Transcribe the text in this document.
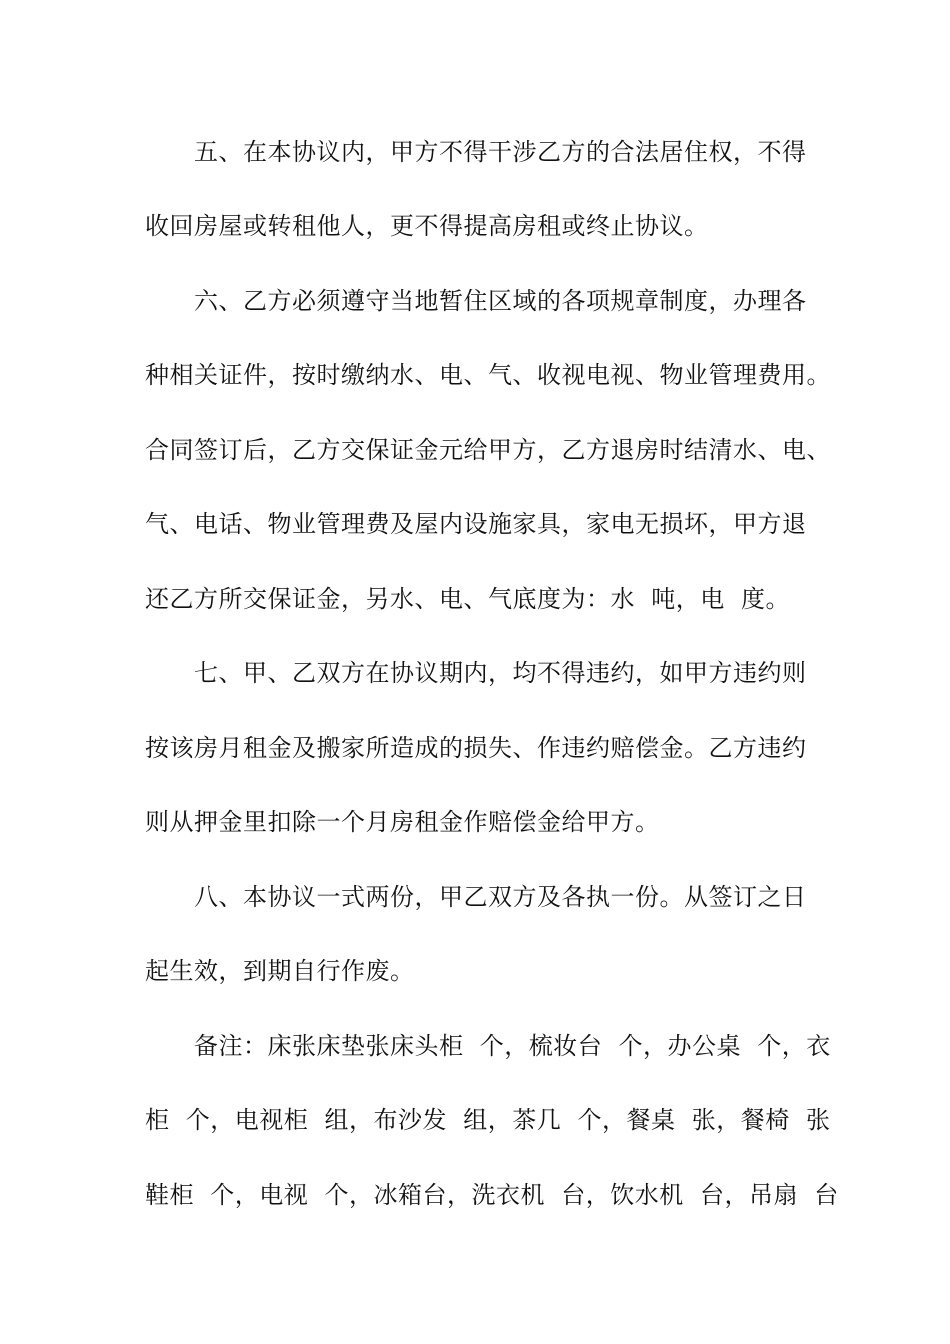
　　五、在本协议内，甲方不得干涉乙方的合法居住权，不得
收回房屋或转租他人，更不得提高房租或终止协议。
　　六、乙方必须遵守当地暂住区域的各项规章制度，办理各
种相关证件，按时缴纳水、电、气、收视电视、物业管理费用。
合同签订后，乙方交保证金元给甲方，乙方退房时结清水、电、
气、电话、物业管理费及屋内设施家具，家电无损坏，甲方退
还乙方所交保证金，另水、电、气底度为：水  吨，电  度。
　　七、甲、乙双方在协议期内，均不得违约，如甲方违约则
按该房月租金及搬家所造成的损失、作违约赔偿金。乙方违约
则从押金里扣除一个月房租金作赔偿金给甲方。
　　八、本协议一式两份，甲乙双方及各执一份。从签订之日
起生效，到期自行作废。
　　备注：床张床垫张床头柜  个，梳妆台  个，办公桌  个，衣
柜  个，电视柜  组，布沙发  组，茶几  个，餐桌  张，餐椅  张
鞋柜  个，电视  个，冰箱台，洗衣机  台，饮水机  台，吊扇  台
